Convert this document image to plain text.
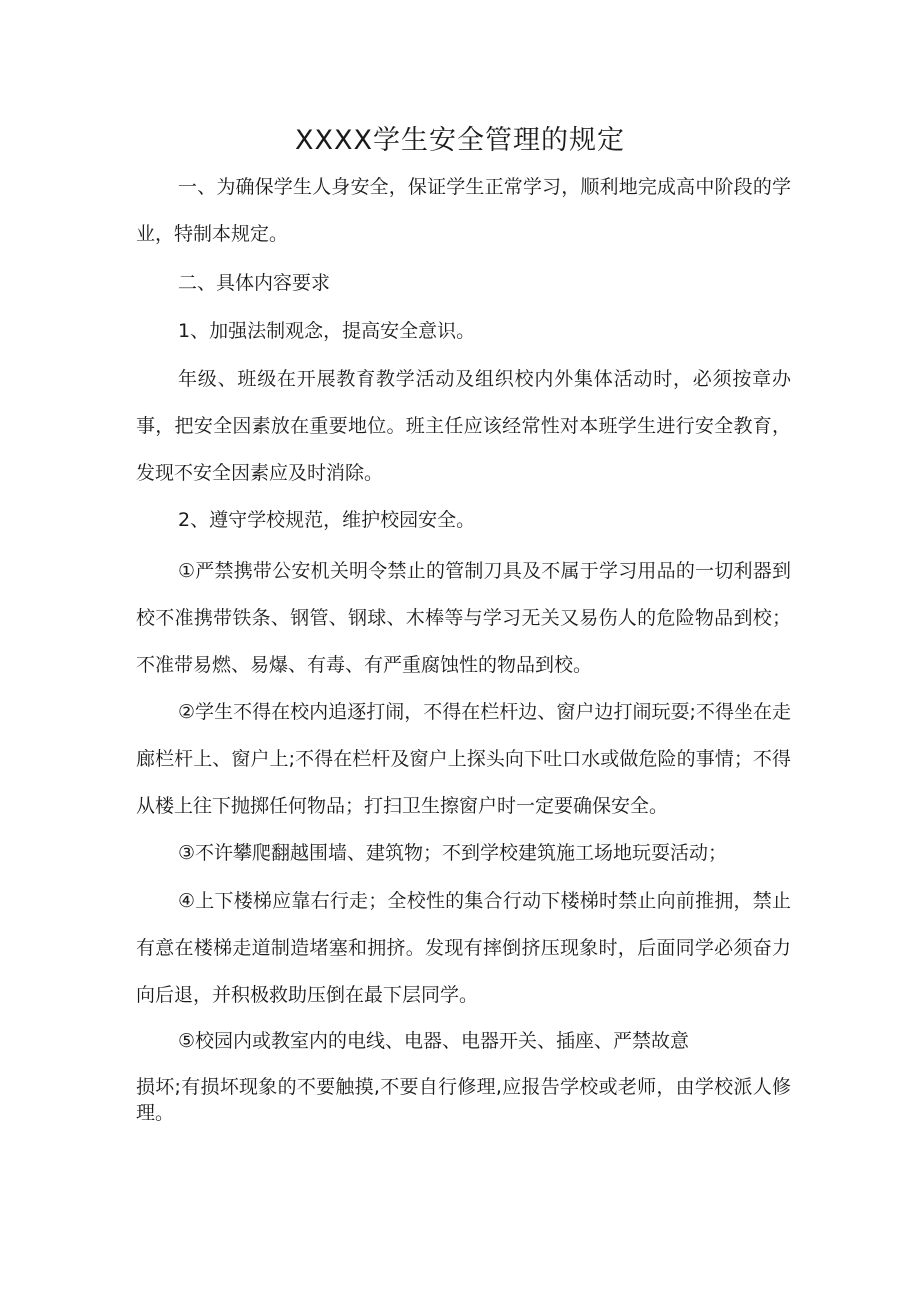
XXXX学生安全管理的规定

一、为确保学生人身安全，保证学生正常学习，顺利地完成高中阶段的学业，特制本规定。

二、具体内容要求

1、加强法制观念，提高安全意识。

年级、班级在开展教育教学活动及组织校内外集体活动时，必须按章办事，把安全因素放在重要地位。班主任应该经常性对本班学生进行安全教育，发现不安全因素应及时消除。

2、遵守学校规范，维护校园安全。

①严禁携带公安机关明令禁止的管制刀具及不属于学习用品的一切利器到校不准携带铁条、钢管、钢球、木棒等与学习无关又易伤人的危险物品到校；不准带易燃、易爆、有毒、有严重腐蚀性的物品到校。

②学生不得在校内追逐打闹，不得在栏杆边、窗户边打闹玩耍;不得坐在走廊栏杆上、窗户上;不得在栏杆及窗户上探头向下吐口水或做危险的事情；不得从楼上往下抛掷任何物品；打扫卫生擦窗户时一定要确保安全。

③不许攀爬翻越围墙、建筑物；不到学校建筑施工场地玩耍活动；

④上下楼梯应靠右行走；全校性的集合行动下楼梯时禁止向前推拥，禁止有意在楼梯走道制造堵塞和拥挤。发现有摔倒挤压现象时，后面同学必须奋力向后退，并积极救助压倒在最下层同学。

⑤校园内或教室内的电线、电器、电器开关、插座、严禁故意

损坏;有损坏现象的不要触摸,不要自行修理,应报告学校或老师，由学校派人修理。
